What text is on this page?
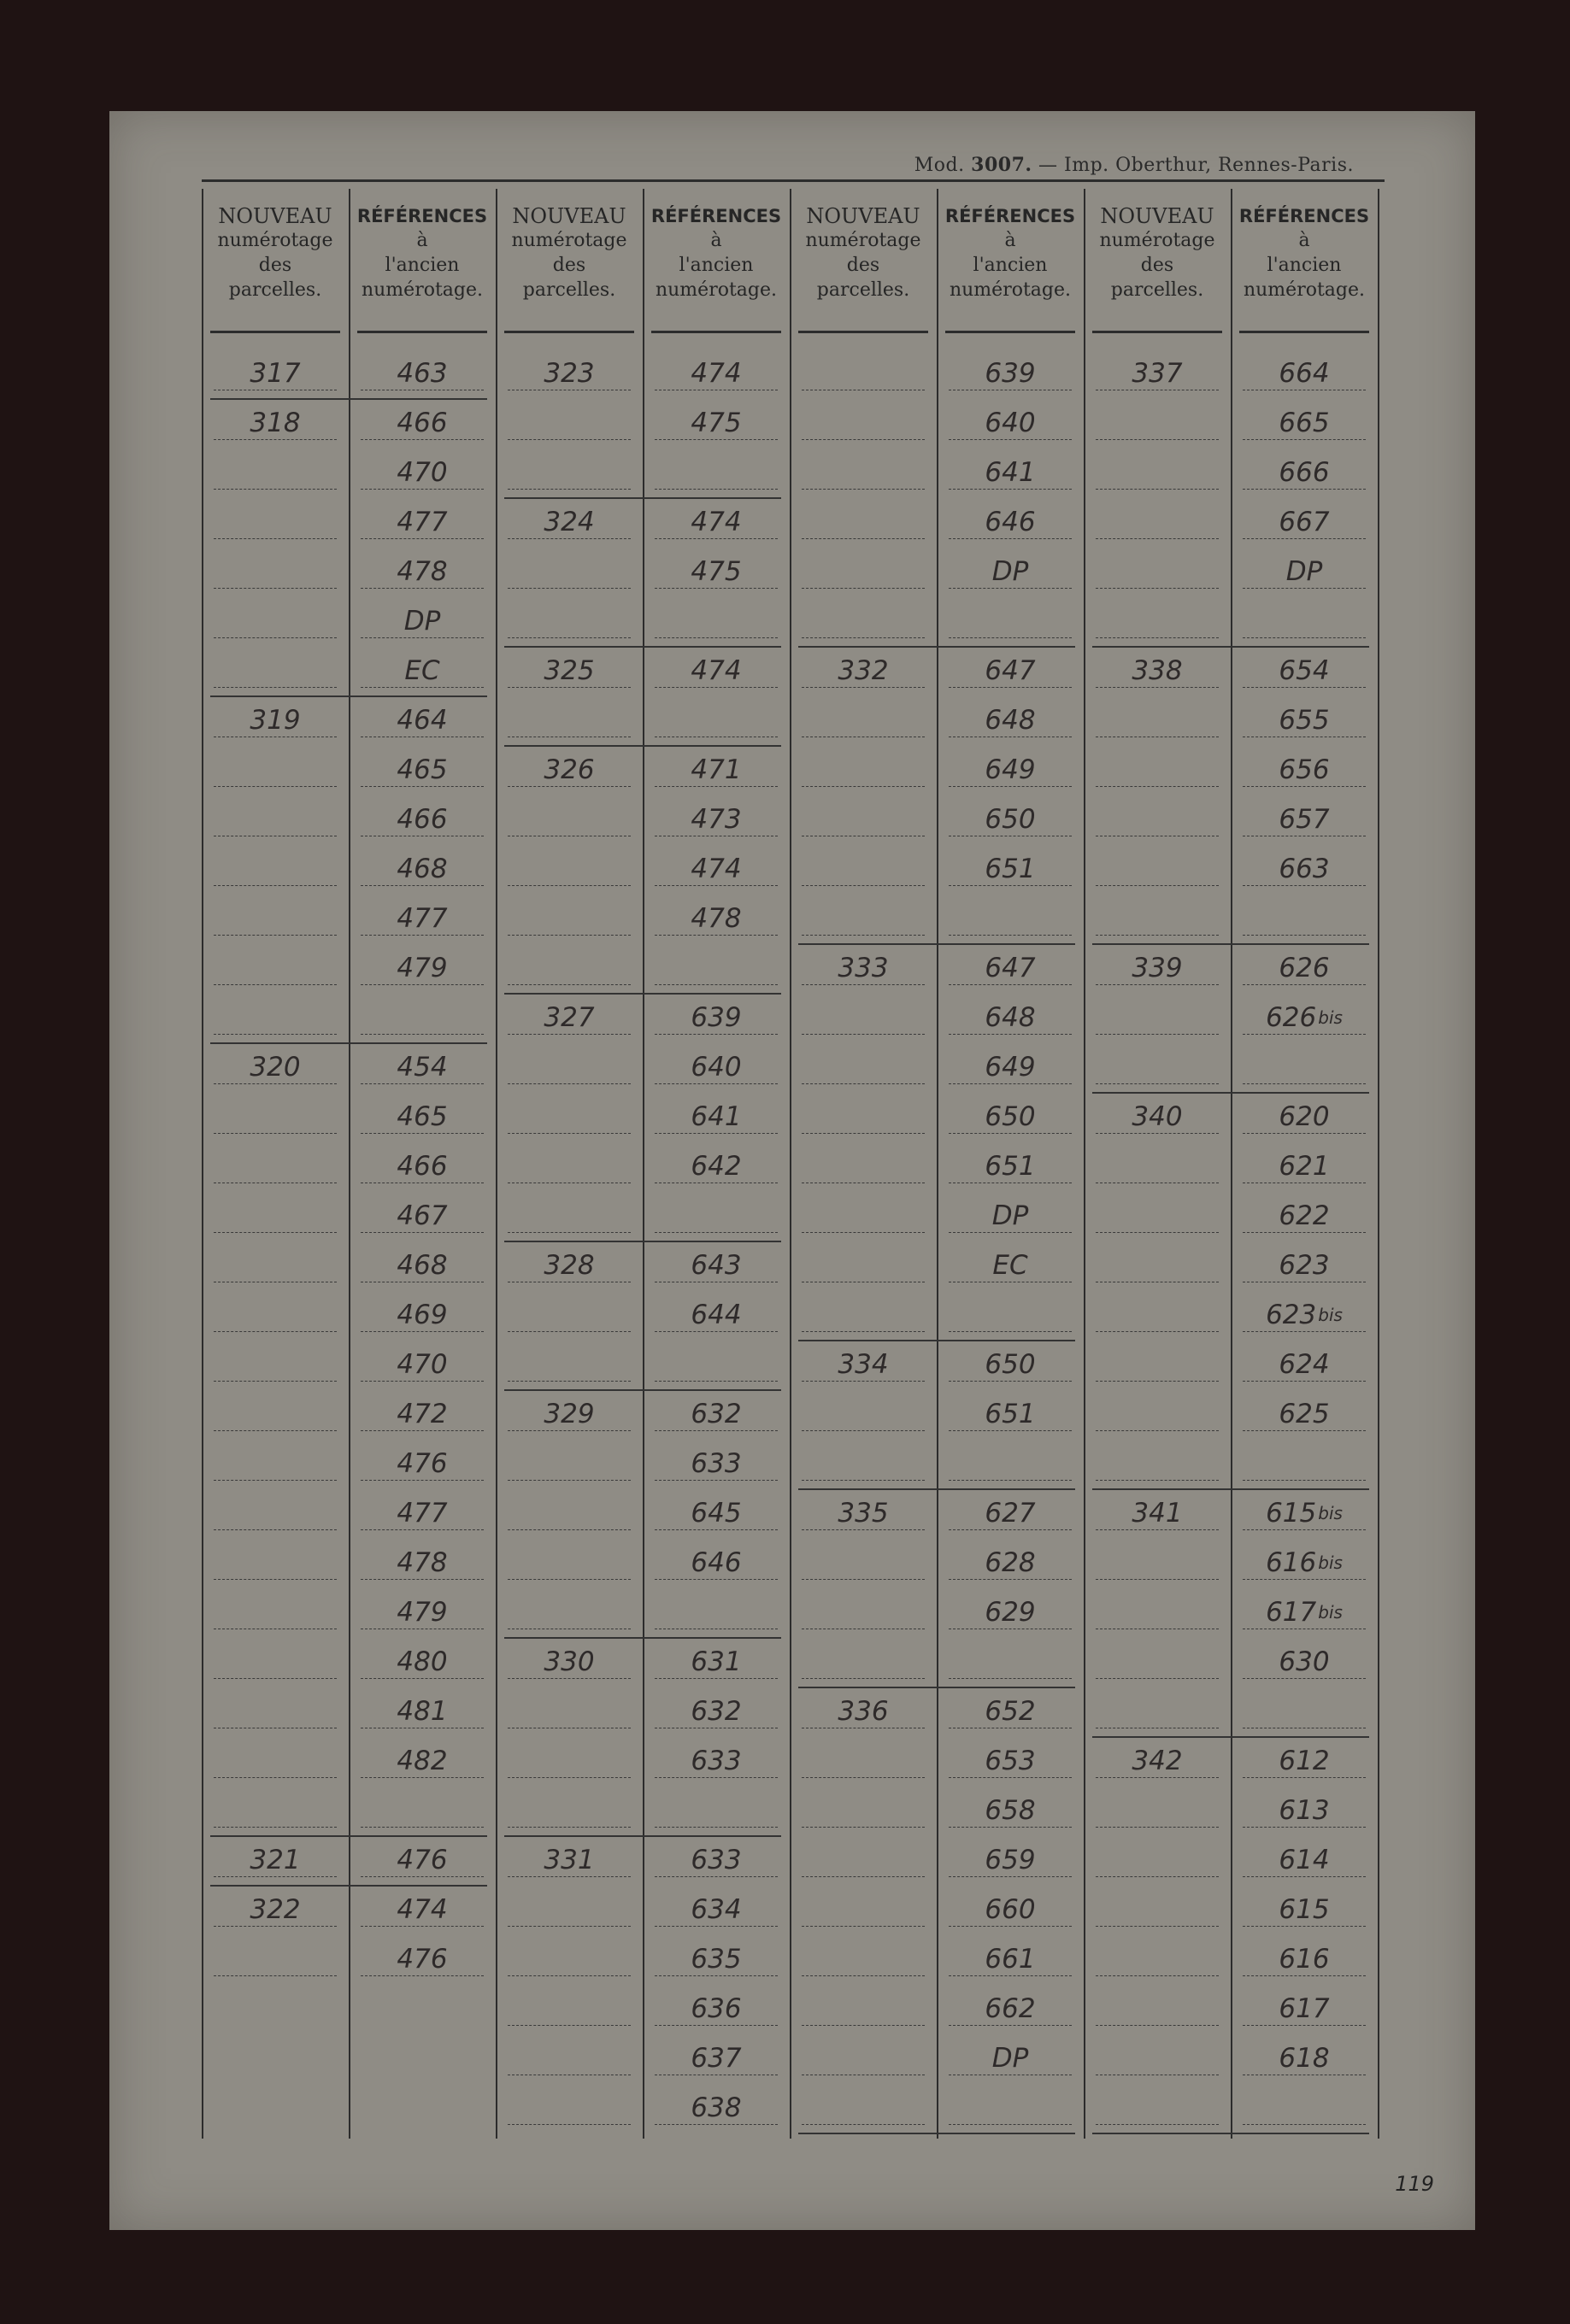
Mod. 3007. — Imp. Oberthur, Rennes-Paris.
NOUVEAU
numérotage
des
parcelles.
RÉFÉRENCES
à
l'ancien
numérotage.
463
317
466
470
477
478
DP
EC
318
464
465
466
468
477
479
319
454
465
466
467
468
469
470
472
476
477
478
479
480
481
482
320
476
321
474
476
322
NOUVEAU
numérotage
des
parcelles.
RÉFÉRENCES
à
l'ancien
numérotage.
474
475
323
474
475
324
474
325
471
473
474
478
326
639
640
641
642
327
643
644
328
632
633
645
646
329
631
632
633
330
633
634
635
636
637
638
331
NOUVEAU
numérotage
des
parcelles.
RÉFÉRENCES
à
l'ancien
numérotage.
639
640
641
646
DP
647
648
649
650
651
332
647
648
649
650
651
DP
EC
333
650
651
334
627
628
629
335
652
653
658
659
660
661
662
DP
336
NOUVEAU
numérotage
des
parcelles.
RÉFÉRENCES
à
l'ancien
numérotage.
664
665
666
667
DP
337
654
655
656
657
663
338
626
626 $^{bis}$
339
620
621
622
623
623 $^{bis}$
624
625
340
615 $^{bis}$
616 $^{bis}$
617 $^{bis}$
630
341
612
613
614
615
616
617
618
342
119
